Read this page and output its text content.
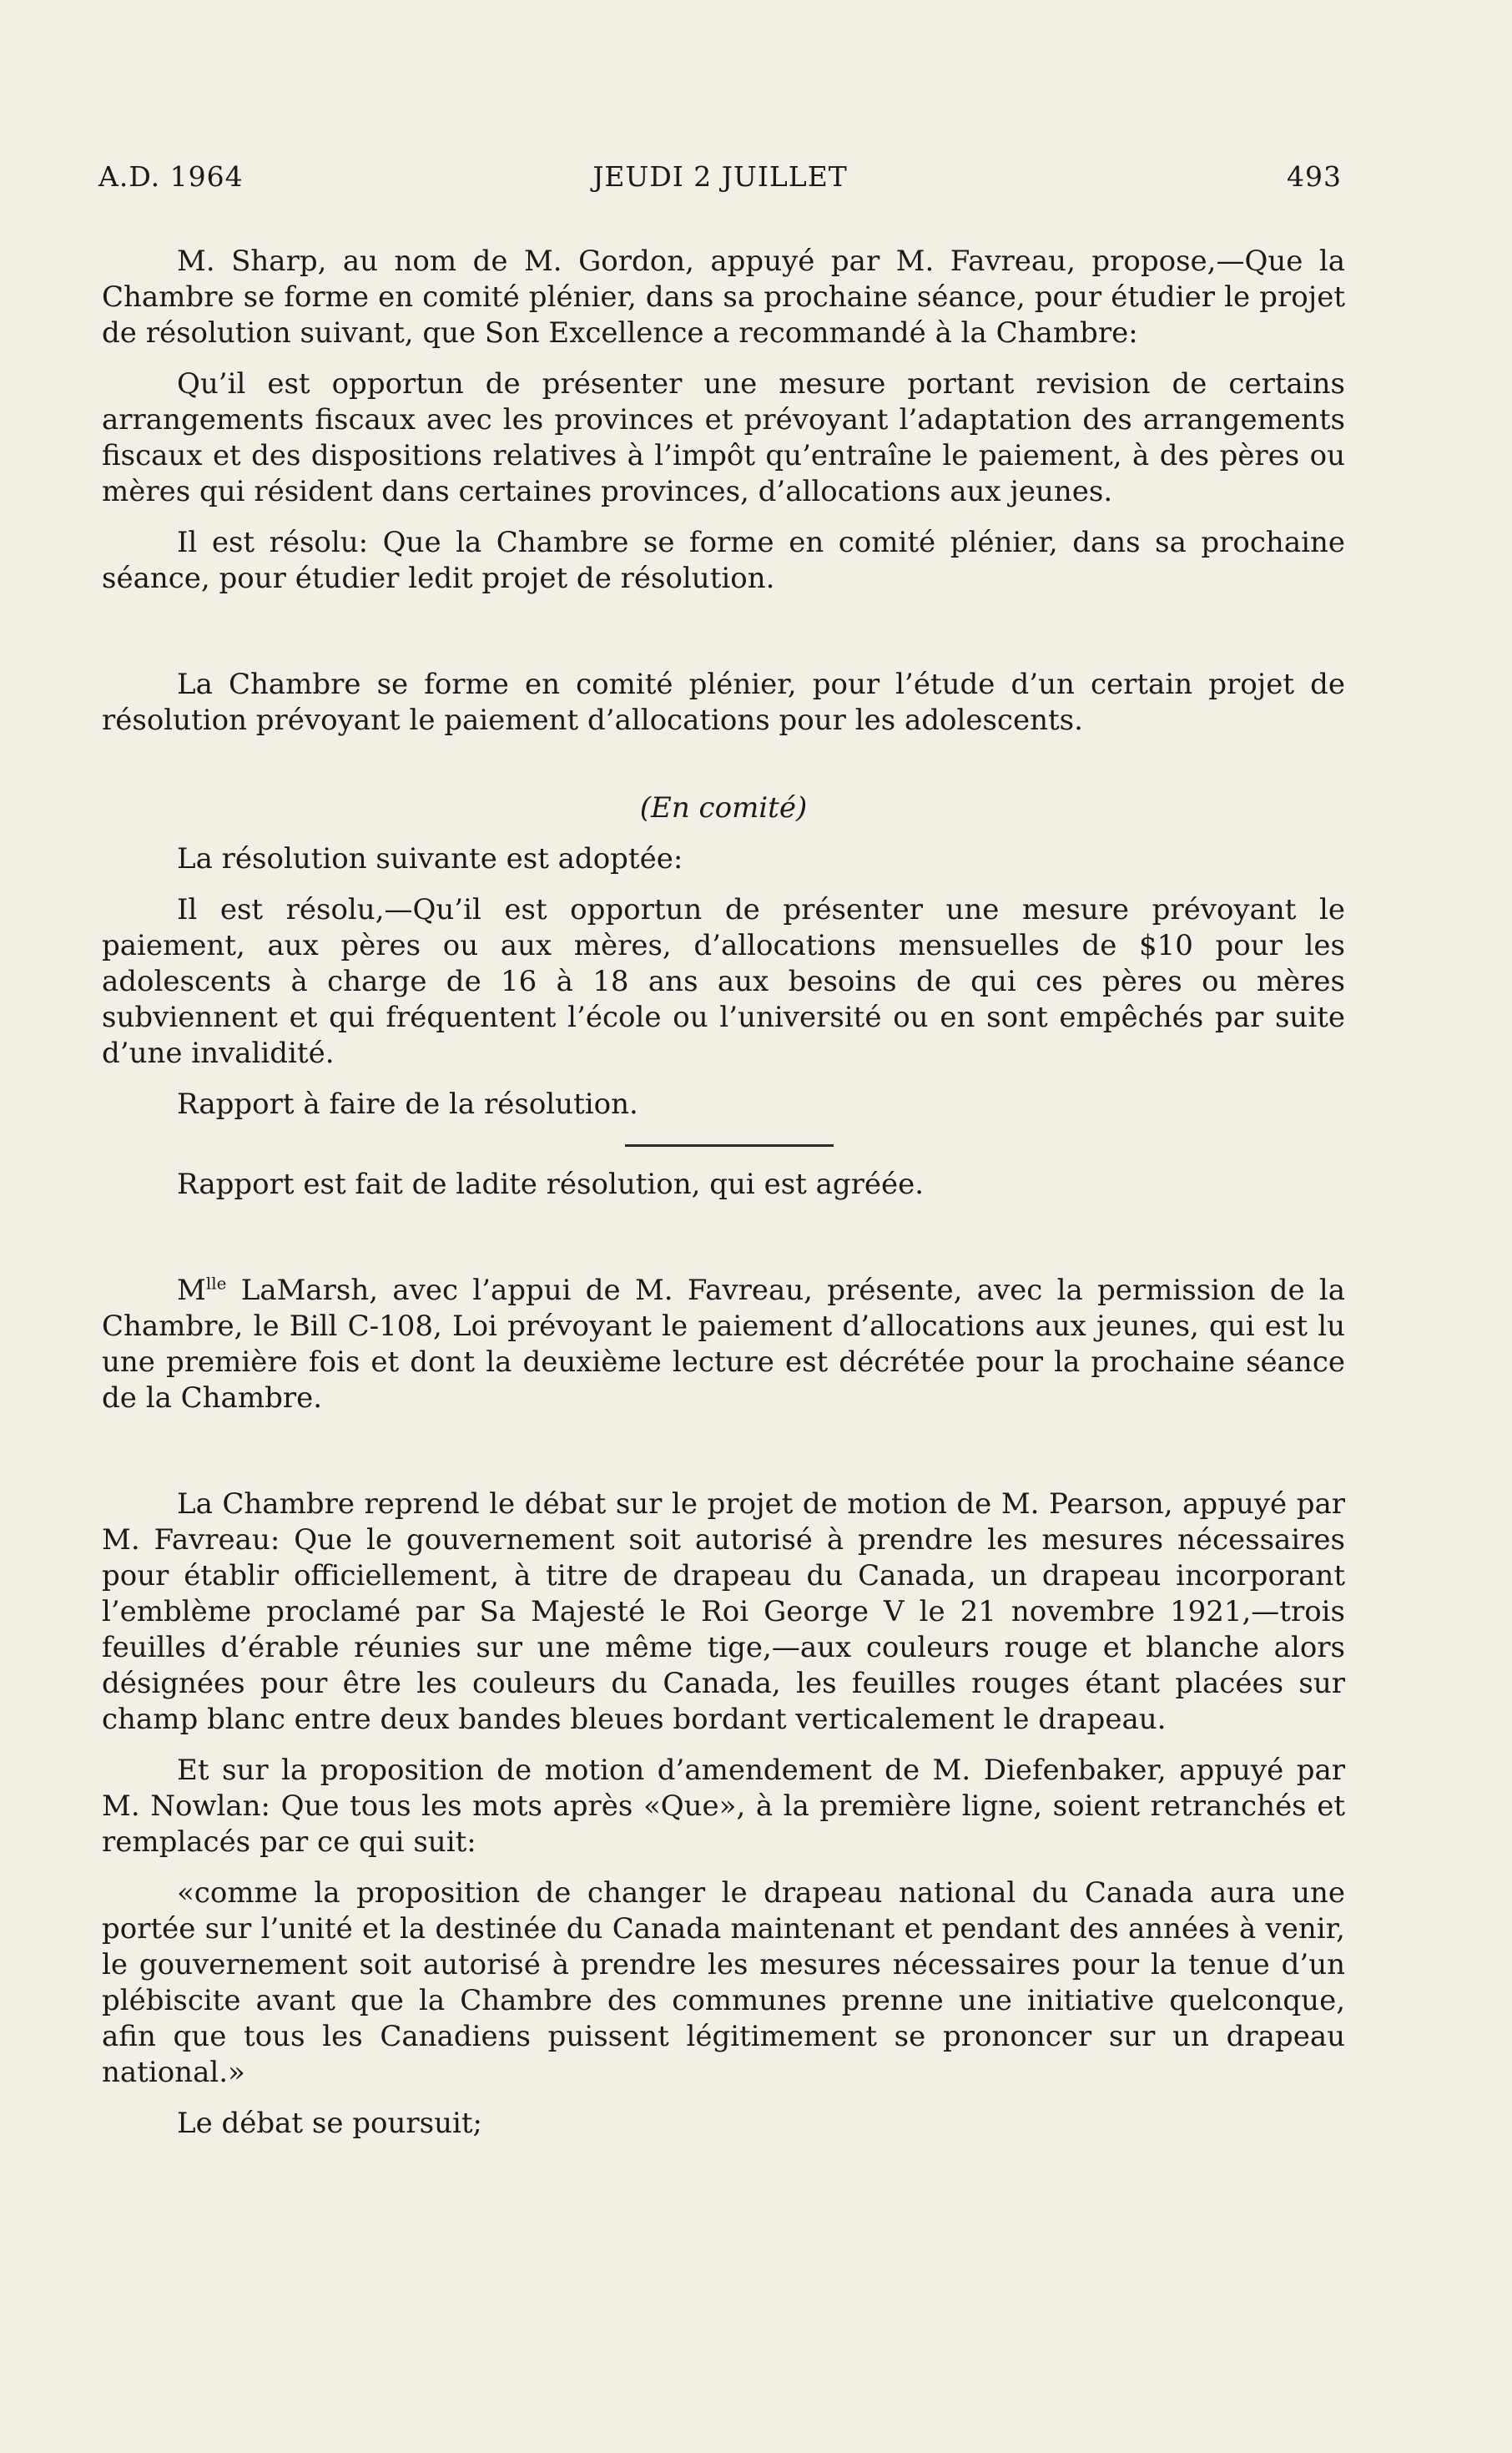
A.D. 1964	JEUDI 2 JUILLET	493

M. Sharp, au nom de M. Gordon, appuyé par M. Favreau, propose,—Que la Chambre se forme en comité plénier, dans sa prochaine séance, pour étudier le projet de résolution suivant, que Son Excellence a recommandé à la Chambre:

Qu’il est opportun de présenter une mesure portant revision de certains arrangements fiscaux avec les provinces et prévoyant l’adaptation des arrangements fiscaux et des dispositions relatives à l’impôt qu’entraîne le paiement, à des pères ou mères qui résident dans certaines provinces, d’allocations aux jeunes.

Il est résolu: Que la Chambre se forme en comité plénier, dans sa prochaine séance, pour étudier ledit projet de résolution.

La Chambre se forme en comité plénier, pour l’étude d’un certain projet de résolution prévoyant le paiement d’allocations pour les adolescents.

(En comité)

La résolution suivante est adoptée:

Il est résolu,—Qu’il est opportun de présenter une mesure prévoyant le paiement, aux pères ou aux mères, d’allocations mensuelles de $10 pour les adolescents à charge de 16 à 18 ans aux besoins de qui ces pères ou mères subviennent et qui fréquentent l’école ou l’université ou en sont empêchés par suite d’une invalidité.

Rapport à faire de la résolution.

Rapport est fait de ladite résolution, qui est agréée.

$M^{lle}$ LaMarsh, avec l’appui de M. Favreau, présente, avec la permission de la Chambre, le Bill C-108, Loi prévoyant le paiement d’allocations aux jeunes, qui est lu une première fois et dont la deuxième lecture est décrétée pour la prochaine séance de la Chambre.

La Chambre reprend le débat sur le projet de motion de M. Pearson, appuyé par M. Favreau: Que le gouvernement soit autorisé à prendre les mesures nécessaires pour établir officiellement, à titre de drapeau du Canada, un drapeau incorporant l’emblème proclamé par Sa Majesté le Roi George V le 21 novembre 1921,—trois feuilles d’érable réunies sur une même tige,—aux couleurs rouge et blanche alors désignées pour être les couleurs du Canada, les feuilles rouges étant placées sur champ blanc entre deux bandes bleues bordant verticalement le drapeau.

Et sur la proposition de motion d’amendement de M. Diefenbaker, appuyé par M. Nowlan: Que tous les mots après «Que», à la première ligne, soient retranchés et remplacés par ce qui suit:

«comme la proposition de changer le drapeau national du Canada aura une portée sur l’unité et la destinée du Canada maintenant et pendant des années à venir, le gouvernement soit autorisé à prendre les mesures nécessaires pour la tenue d’un plébiscite avant que la Chambre des communes prenne une initiative quelconque, afin que tous les Canadiens puissent légitimement se prononcer sur un drapeau national.»

Le débat se poursuit;
